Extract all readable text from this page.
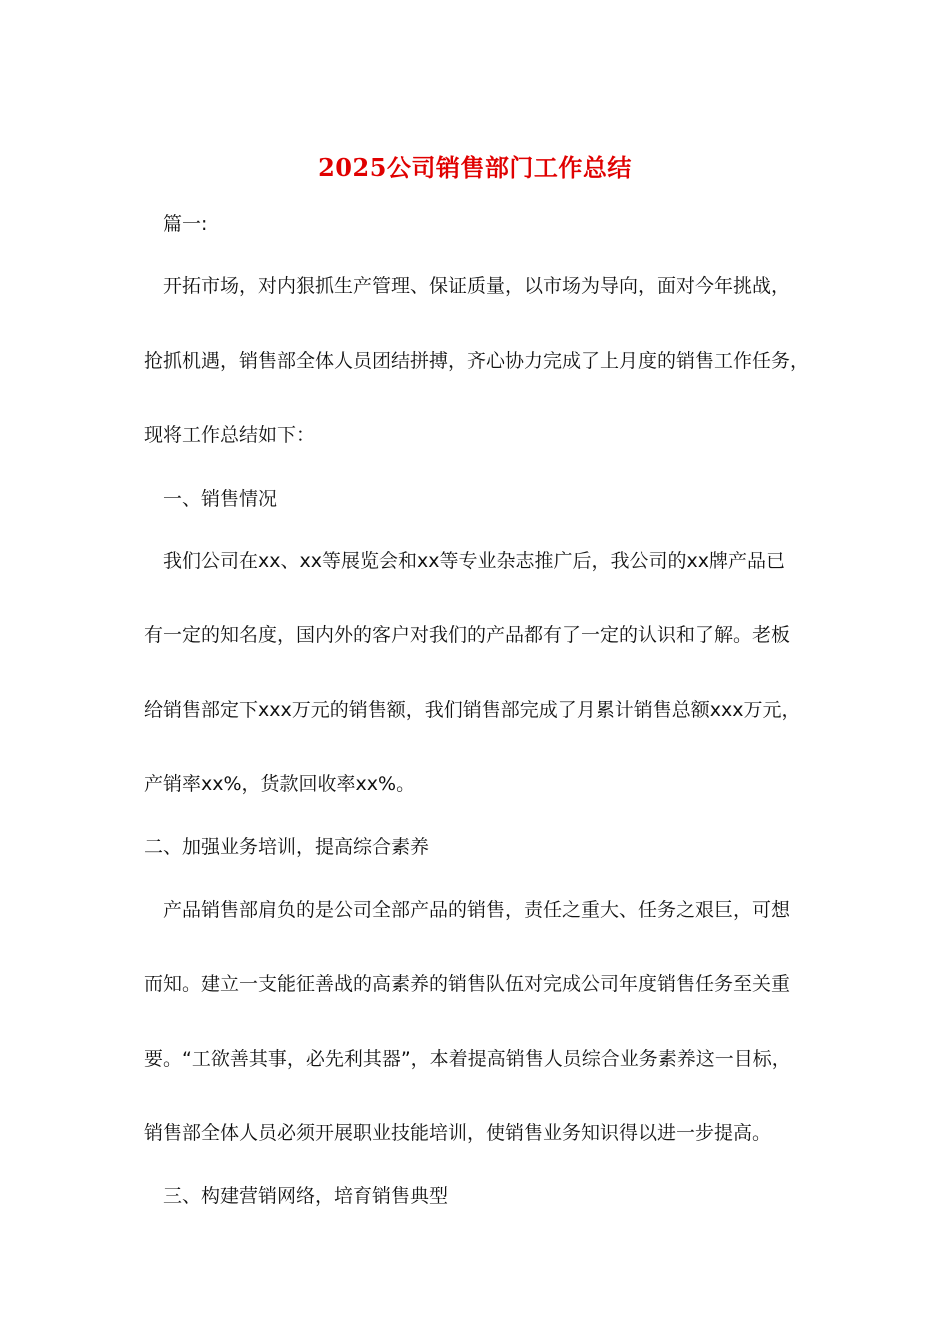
2025公司销售部门工作总结
篇一:
开拓市场，对内狠抓生产管理、保证质量，以市场为导向，面对今年挑战，
抢抓机遇，销售部全体人员团结拼搏，齐心协力完成了上月度的销售工作任务，
现将工作总结如下：
一、销售情况
我们公司在xx、xx等展览会和xx等专业杂志推广后，我公司的xx牌产品已
有一定的知名度，国内外的客户对我们的产品都有了一定的认识和了解。老板
给销售部定下xxx万元的销售额，我们销售部完成了月累计销售总额xxx万元，
产销率xx%，货款回收率xx%。
二、加强业务培训，提高综合素养
产品销售部肩负的是公司全部产品的销售，责任之重大、任务之艰巨，可想
而知。建立一支能征善战的高素养的销售队伍对完成公司年度销售任务至关重
要。“工欲善其事，必先利其器”，本着提高销售人员综合业务素养这一目标，
销售部全体人员必须开展职业技能培训，使销售业务知识得以进一步提高。
三、构建营销网络，培育销售典型
